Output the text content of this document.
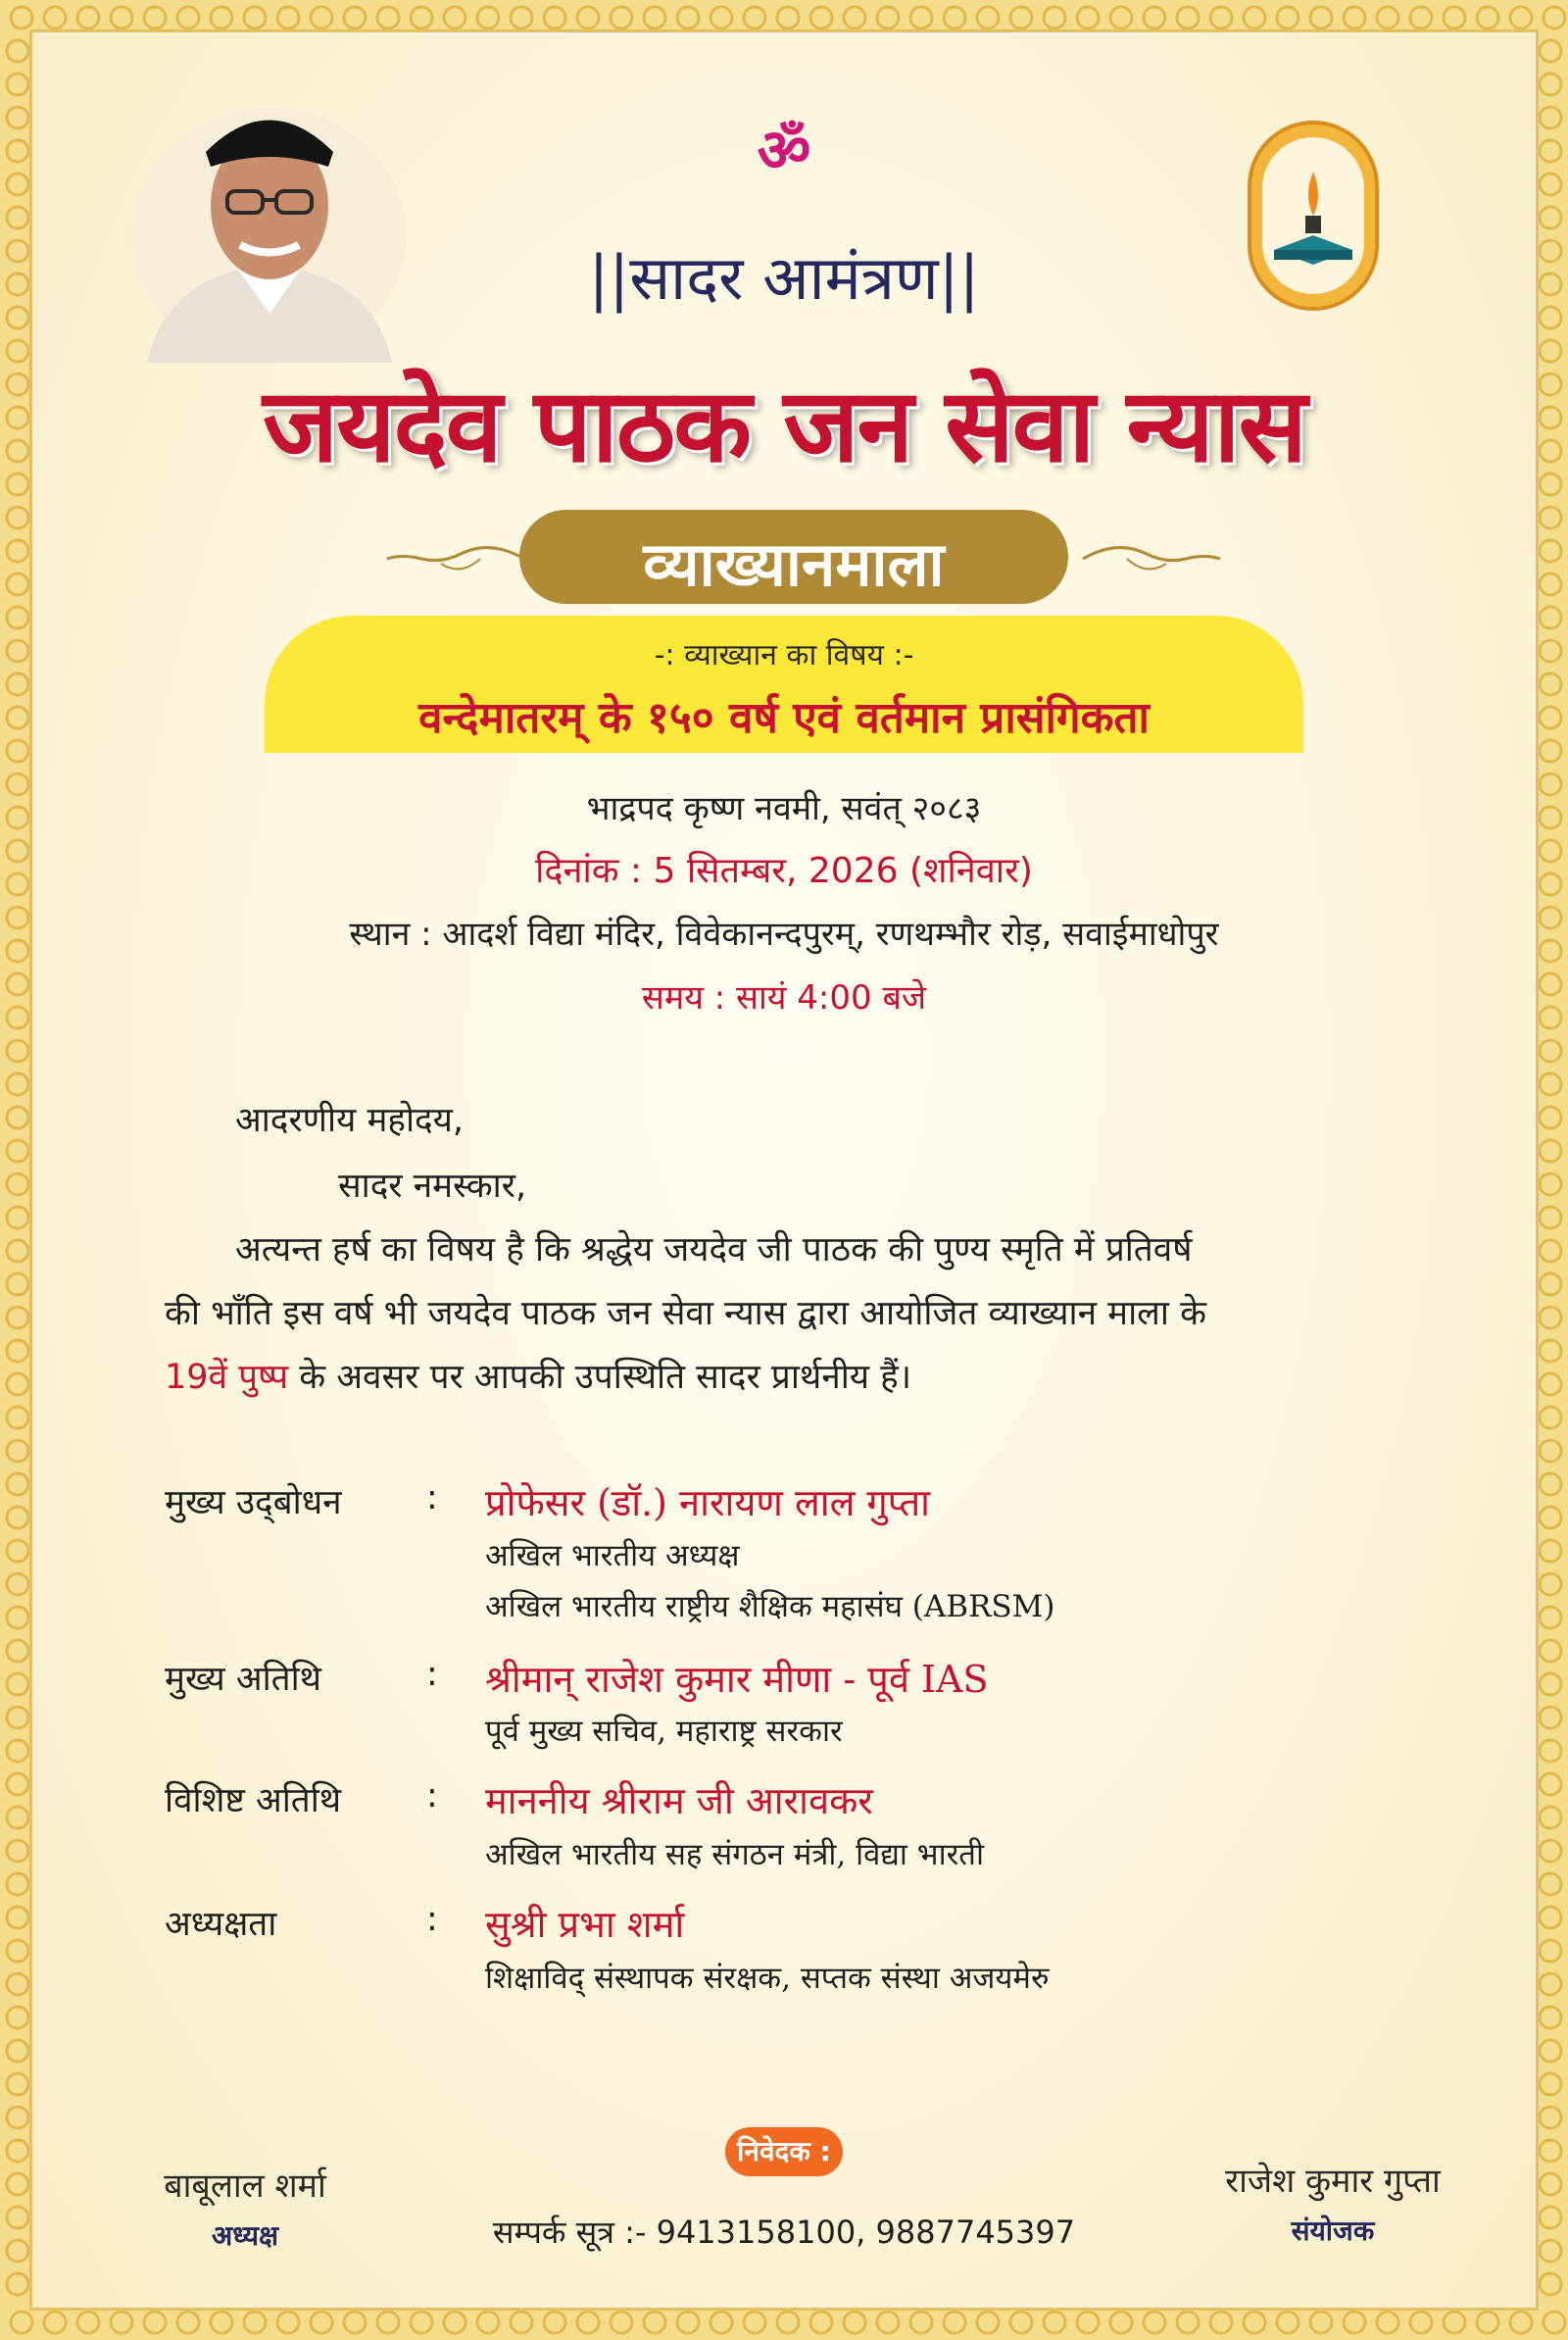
ॐ
||सादर आमंत्रण||
जयदेव पाठक जन सेवा न्यास
व्याख्यानमाला
-: व्याख्यान का विषय :-
वन्देमातरम् के १५० वर्ष एवं वर्तमान प्रासंगिकता
भाद्रपद कृष्ण नवमी, सवंत् २०८३
दिनांक : 5 सितम्बर, 2026 (शनिवार)
स्थान : आदर्श विद्या मंदिर, विवेकानन्दपुरम्, रणथम्भौर रोड़, सवाईमाधोपुर
समय : सायं 4:00 बजे
आदरणीय महोदय,
सादर नमस्कार,
अत्यन्त हर्ष का विषय है कि श्रद्धेय जयदेव जी पाठक की पुण्य स्मृति में प्रतिवर्ष
की भाँति इस वर्ष भी जयदेव पाठक जन सेवा न्यास द्वारा आयोजित व्याख्यान माला के
19वें पुष्प के अवसर पर आपकी उपस्थिति सादर प्रार्थनीय हैं।
मुख्य उद्‍बोधन : प्रोफेसर (डॉ.) नारायण लाल गुप्ता
अखिल भारतीय अध्यक्ष
अखिल भारतीय राष्ट्रीय शैक्षिक महासंघ (ABRSM)
मुख्य अतिथि	: श्रीमान् राजेश कुमार मीणा - पूर्व IAS
पूर्व मुख्य सचिव, महाराष्ट्र सरकार
विशिष्ट अतिथि : माननीय श्रीराम जी आरावकर
अखिल भारतीय सह संगठन मंत्री, विद्या भारती
अध्यक्षता	: सुश्री प्रभा शर्मा
शिक्षाविद् संस्थापक संरक्षक, सप्तक संस्था अजयमेरु
निवेदक :
बाबूलाल शर्मा
अध्यक्ष
राजेश कुमार गुप्ता
संयोजक
सम्पर्क सूत्र :- 9413158100, 9887745397
